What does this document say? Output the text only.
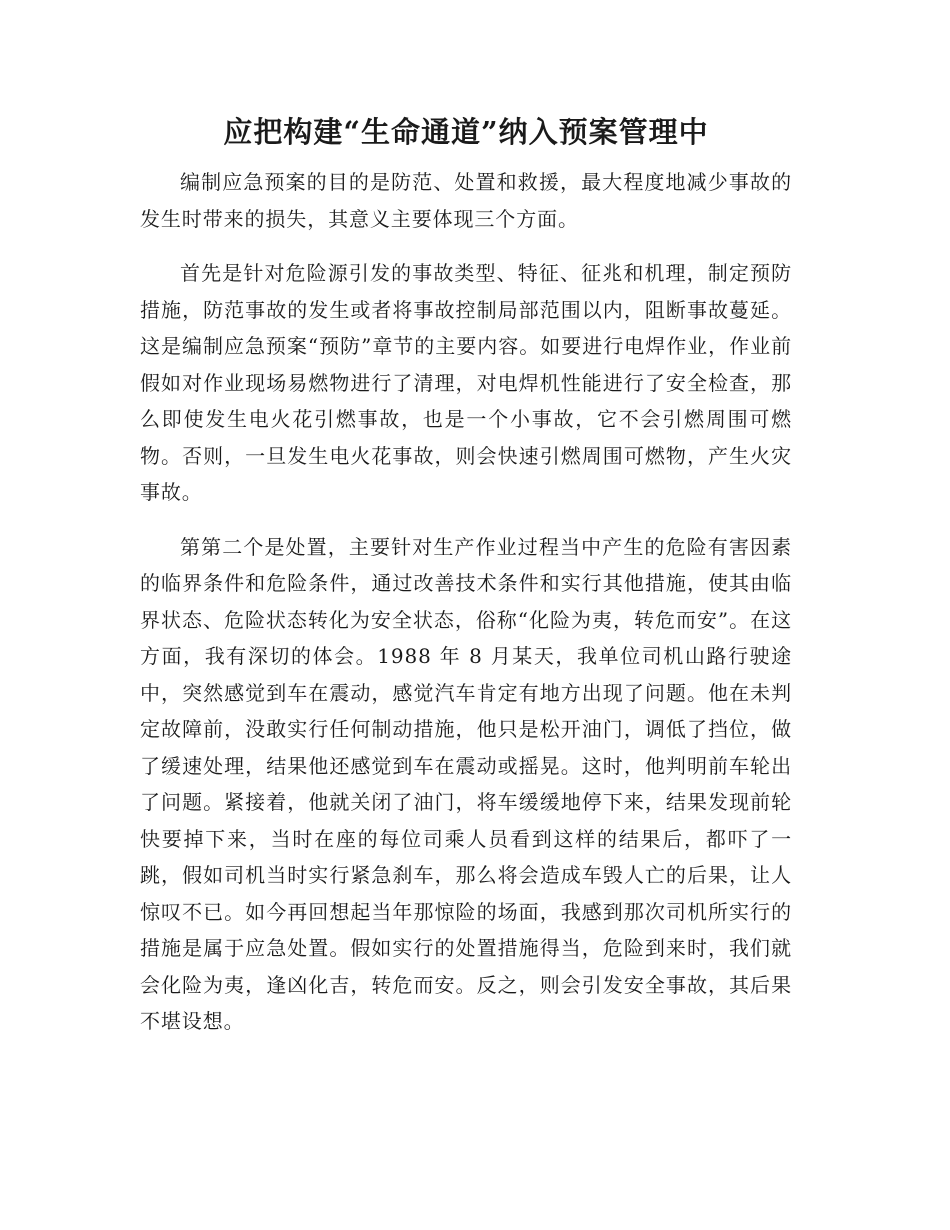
应把构建“生命通道”纳入预案管理中

编制应急预案的目的是防范、处置和救援，最大程度地减少事故的发生时带来的损失，其意义主要体现三个方面。

首先是针对危险源引发的事故类型、特征、征兆和机理，制定预防措施，防范事故的发生或者将事故控制局部范围以内，阻断事故蔓延。这是编制应急预案“预防”章节的主要内容。如要进行电焊作业，作业前假如对作业现场易燃物进行了清理，对电焊机性能进行了安全检查，那么即使发生电火花引燃事故，也是一个小事故，它不会引燃周围可燃物。否则，一旦发生电火花事故，则会快速引燃周围可燃物，产生火灾事故。

第第二个是处置，主要针对生产作业过程当中产生的危险有害因素的临界条件和危险条件，通过改善技术条件和实行其他措施，使其由临界状态、危险状态转化为安全状态，俗称“化险为夷，转危而安”。在这方面，我有深切的体会。1988 年 8 月某天，我单位司机山路行驶途中，突然感觉到车在震动，感觉汽车肯定有地方出现了问题。他在未判定故障前，没敢实行任何制动措施，他只是松开油门，调低了挡位，做了缓速处理，结果他还感觉到车在震动或摇晃。这时，他判明前车轮出了问题。紧接着，他就关闭了油门，将车缓缓地停下来，结果发现前轮快要掉下来，当时在座的每位司乘人员看到这样的结果后，都吓了一跳，假如司机当时实行紧急刹车，那么将会造成车毁人亡的后果，让人惊叹不已。如今再回想起当年那惊险的场面，我感到那次司机所实行的措施是属于应急处置。假如实行的处置措施得当，危险到来时，我们就会化险为夷，逢凶化吉，转危而安。反之，则会引发安全事故，其后果不堪设想。
